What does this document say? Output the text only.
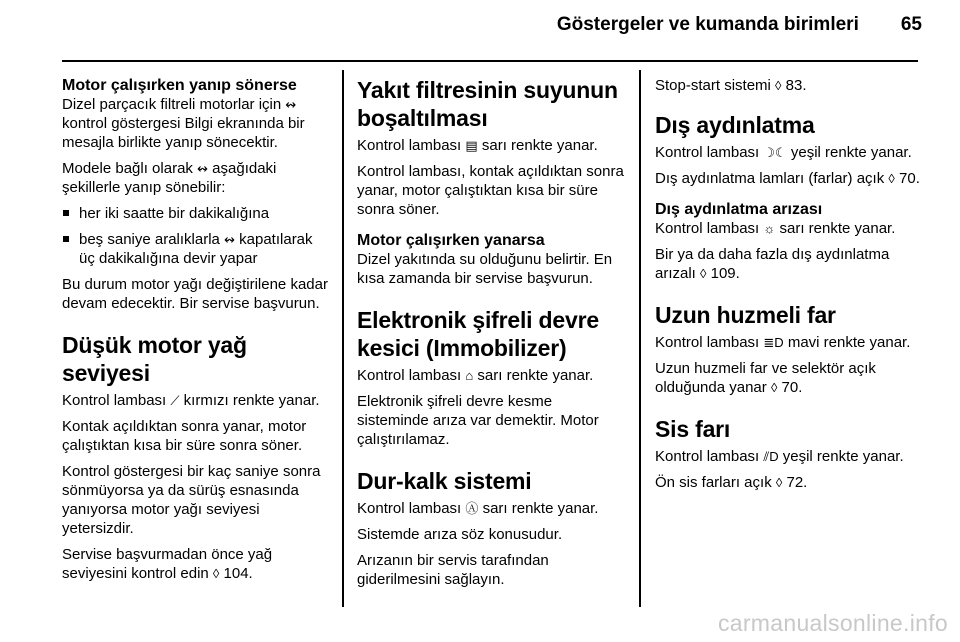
Göstergeler ve kumanda birimleri 65
Motor çalışırken yanıp sönerse

Dizel parçacık filtreli motorlar için ↭ kontrol göstergesi Bilgi ekranında bir mesajla birlikte yanıp sönecektir.

Modele bağlı olarak ↭ aşağıdaki şekillerle yanıp sönebilir:

her iki saatte bir dakikalığına
beş saniye aralıklarla ↭ kapatılarak üç dakikalığına devir yapar

Bu durum motor yağı değiştirilene kadar devam edecektir. Bir servise başvurun.

Düşük motor yağ seviyesi

Kontrol lambası ⟋ kırmızı renkte yanar.

Kontak açıldıktan sonra yanar, motor çalıştıktan kısa bir süre sonra söner.

Kontrol göstergesi bir kaç saniye sonra sönmüyorsa ya da sürüş esnasında yanıyorsa motor yağı seviyesi yetersizdir.

Servise başvurmadan önce yağ seviyesini kontrol edin ◊ 104.

Yakıt filtresinin suyunun boşaltılması

Kontrol lambası ▤ sarı renkte yanar.

Kontrol lambası, kontak açıldıktan sonra yanar, motor çalıştıktan kısa bir süre sonra söner.

Motor çalışırken yanarsa

Dizel yakıtında su olduğunu belirtir. En kısa zamanda bir servise başvurun.

Elektronik şifreli devre kesici (Immobilizer)

Kontrol lambası ⌂ sarı renkte yanar.

Elektronik şifreli devre kesme sisteminde arıza var demektir. Motor çalıştırılamaz.

Dur-kalk sistemi

Kontrol lambası Ⓐ sarı renkte yanar.

Sistemde arıza söz konusudur.

Arızanın bir servis tarafından giderilmesini sağlayın.

Stop-start sistemi ◊ 83.

Dış aydınlatma

Kontrol lambası ☽☾ yeşil renkte yanar.

Dış aydınlatma lamları (farlar) açık ◊ 70.

Dış aydınlatma arızası

Kontrol lambası ☼ sarı renkte yanar.

Bir ya da daha fazla dış aydınlatma arızalı ◊ 109.

Uzun huzmeli far

Kontrol lambası ≣D mavi renkte yanar.

Uzun huzmeli far ve selektör açık olduğunda yanar ◊ 70.

Sis farı

Kontrol lambası ⫽D yeşil renkte yanar.

Ön sis farları açık ◊ 72.

carmanualsonline.info
